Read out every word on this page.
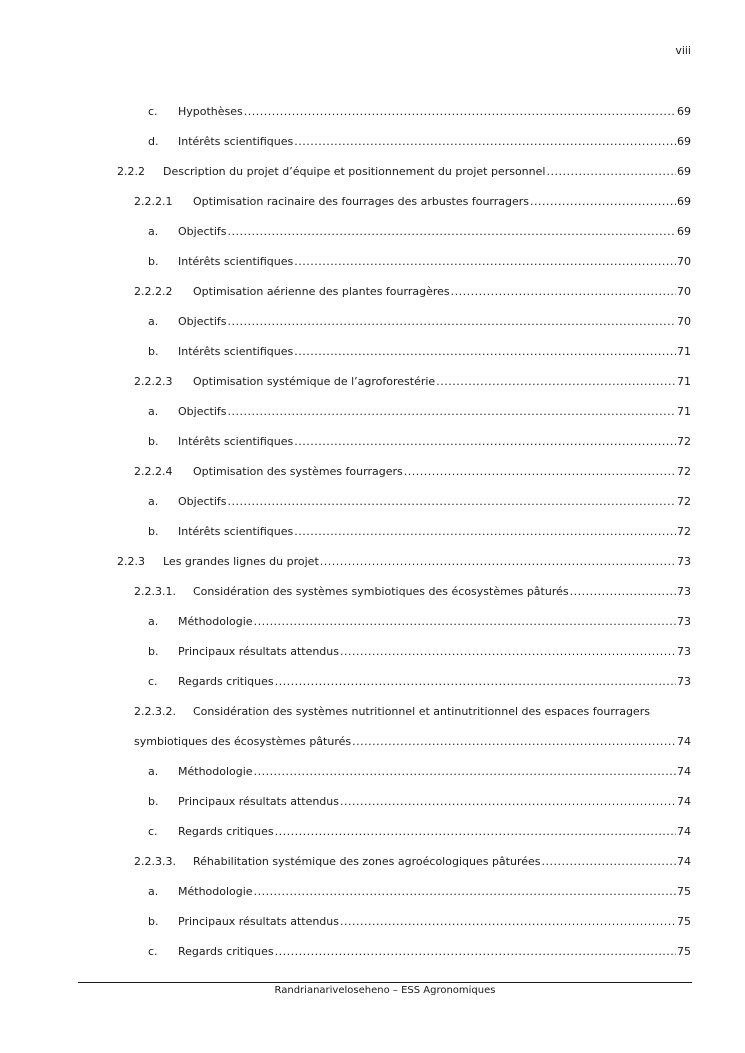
viii
c.	Hypothèses .....	69
d.	Intérêts scientifiques .....	69
2.2.2	Description du projet d’équipe et positionnement du projet personnel .....	69
2.2.2.1	Optimisation racinaire des fourrages des arbustes fourragers .....	69
a.	Objectifs .....	69
b.	Intérêts scientifiques .....	70
2.2.2.2	Optimisation aérienne des plantes fourragères .....	70
a.	Objectifs .....	70
b.	Intérêts scientifiques .....	71
2.2.2.3	Optimisation systémique de l’agroforestérie .....	71
a.	Objectifs .....	71
b.	Intérêts scientifiques .....	72
2.2.2.4	Optimisation des systèmes fourragers .....	72
a.	Objectifs .....	72
b.	Intérêts scientifiques .....	72
2.2.3	Les grandes lignes du projet .....	73
2.2.3.1.	Considération des systèmes symbiotiques des écosystèmes pâturés .....	73
a.	Méthodologie .....	73
b.	Principaux résultats attendus .....	73
c.	Regards critiques .....	73
2.2.3.2.	Considération des systèmes nutritionnel et antinutritionnel des espaces fourragers
symbiotiques des écosystèmes pâturés .....	74
a.	Méthodologie .....	74
b.	Principaux résultats attendus .....	74
c.	Regards critiques .....	74
2.2.3.3.	Réhabilitation systémique des zones agroécologiques pâturées .....	74
a.	Méthodologie .....	75
b.	Principaux résultats attendus .....	75
c.	Regards critiques .....	75
Randrianariveloseheno – ESS Agronomiques
